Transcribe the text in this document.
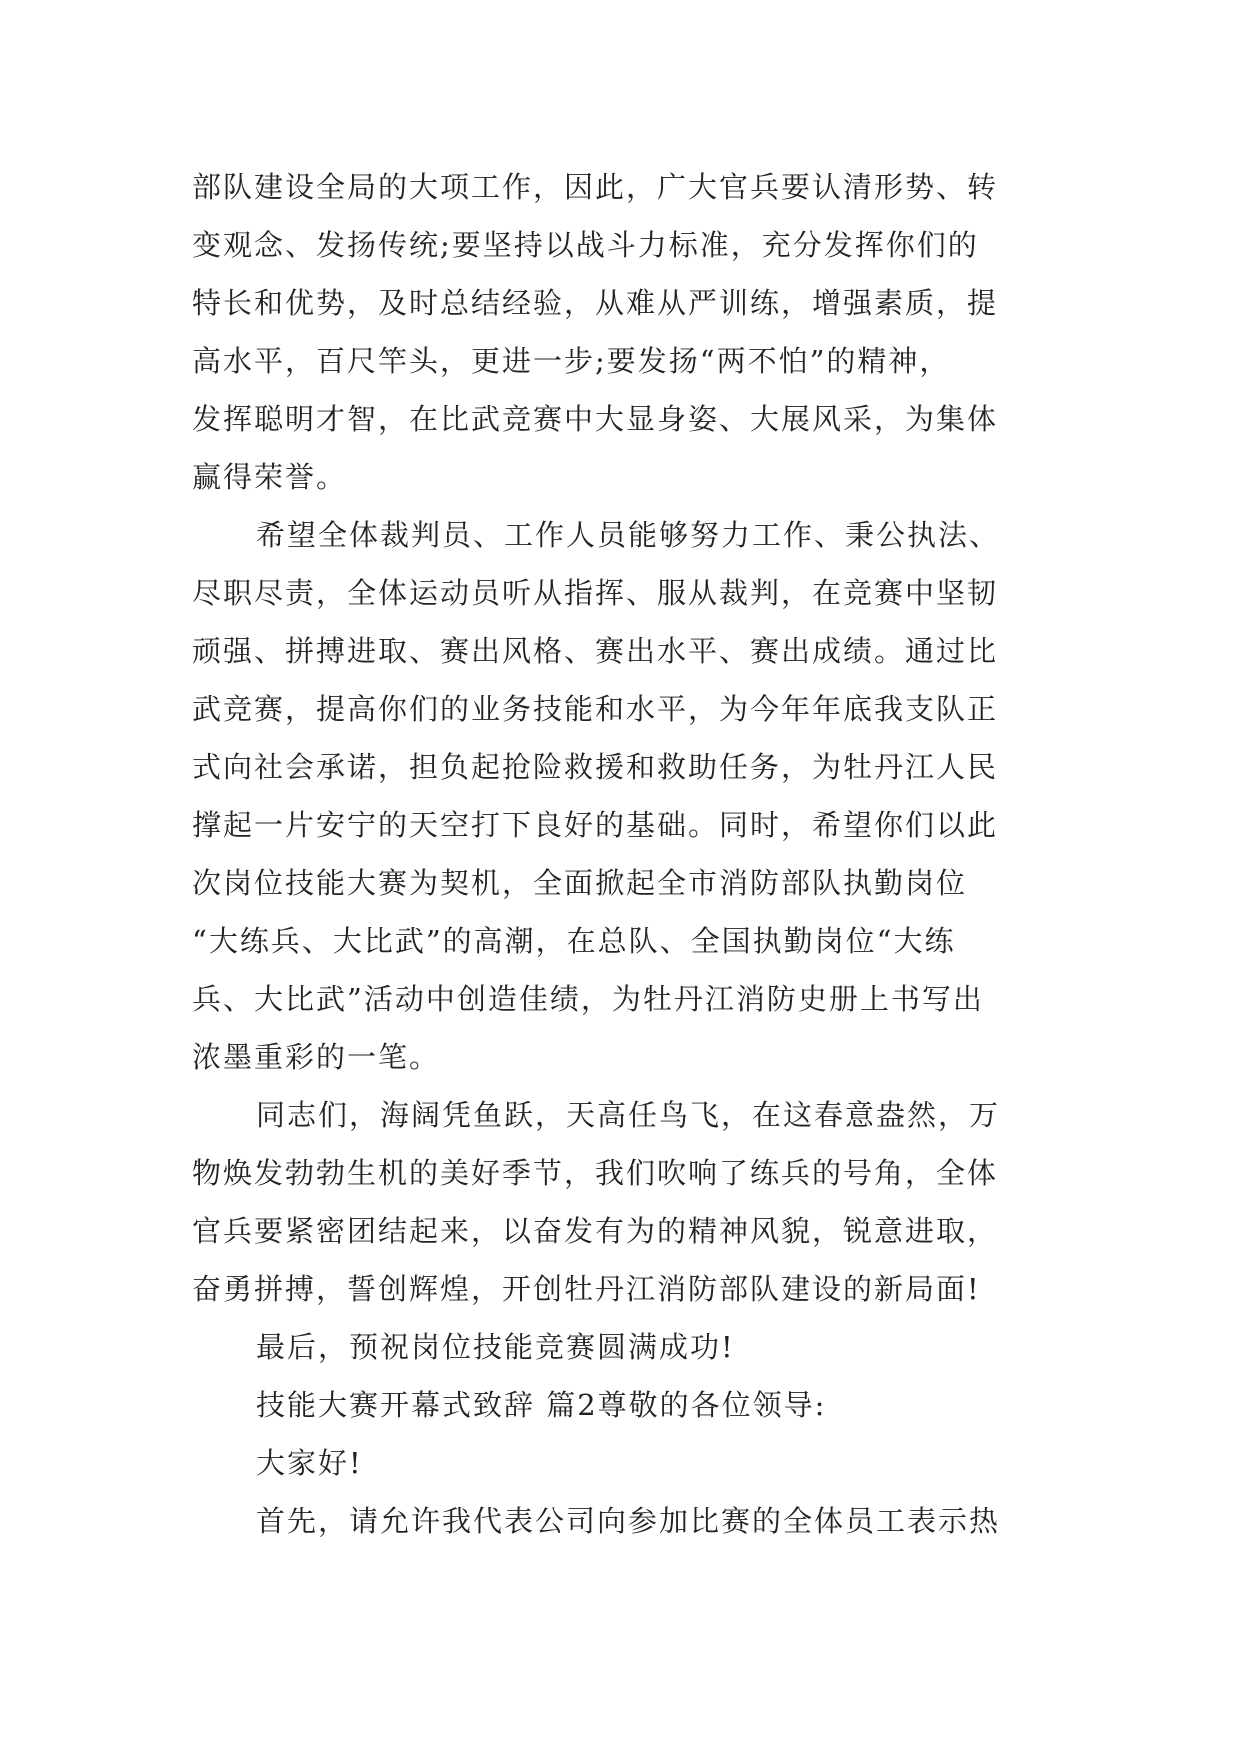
部队建设全局的大项工作，因此，广大官兵要认清形势、转
变观念、发扬传统;要坚持以战斗力标准，充分发挥你们的
特长和优势，及时总结经验，从难从严训练，增强素质，提
高水平，百尺竿头，更进一步;要发扬“两不怕”的精神，
发挥聪明才智，在比武竞赛中大显身姿、大展风采，为集体
赢得荣誉。
希望全体裁判员、工作人员能够努力工作、秉公执法、
尽职尽责，全体运动员听从指挥、服从裁判，在竞赛中坚韧
顽强、拼搏进取、赛出风格、赛出水平、赛出成绩。通过比
武竞赛，提高你们的业务技能和水平，为今年年底我支队正
式向社会承诺，担负起抢险救援和救助任务，为牡丹江人民
撑起一片安宁的天空打下良好的基础。同时，希望你们以此
次岗位技能大赛为契机，全面掀起全市消防部队执勤岗位
“大练兵、大比武”的高潮，在总队、全国执勤岗位“大练
兵、大比武”活动中创造佳绩，为牡丹江消防史册上书写出
浓墨重彩的一笔。
同志们，海阔凭鱼跃，天高任鸟飞，在这春意盎然，万
物焕发勃勃生机的美好季节，我们吹响了练兵的号角，全体
官兵要紧密团结起来，以奋发有为的精神风貌，锐意进取，
奋勇拼搏，誓创辉煌，开创牡丹江消防部队建设的新局面!
最后，预祝岗位技能竞赛圆满成功!
技能大赛开幕式致辞 篇2尊敬的各位领导:
大家好!
首先，请允许我代表公司向参加比赛的全体员工表示热
